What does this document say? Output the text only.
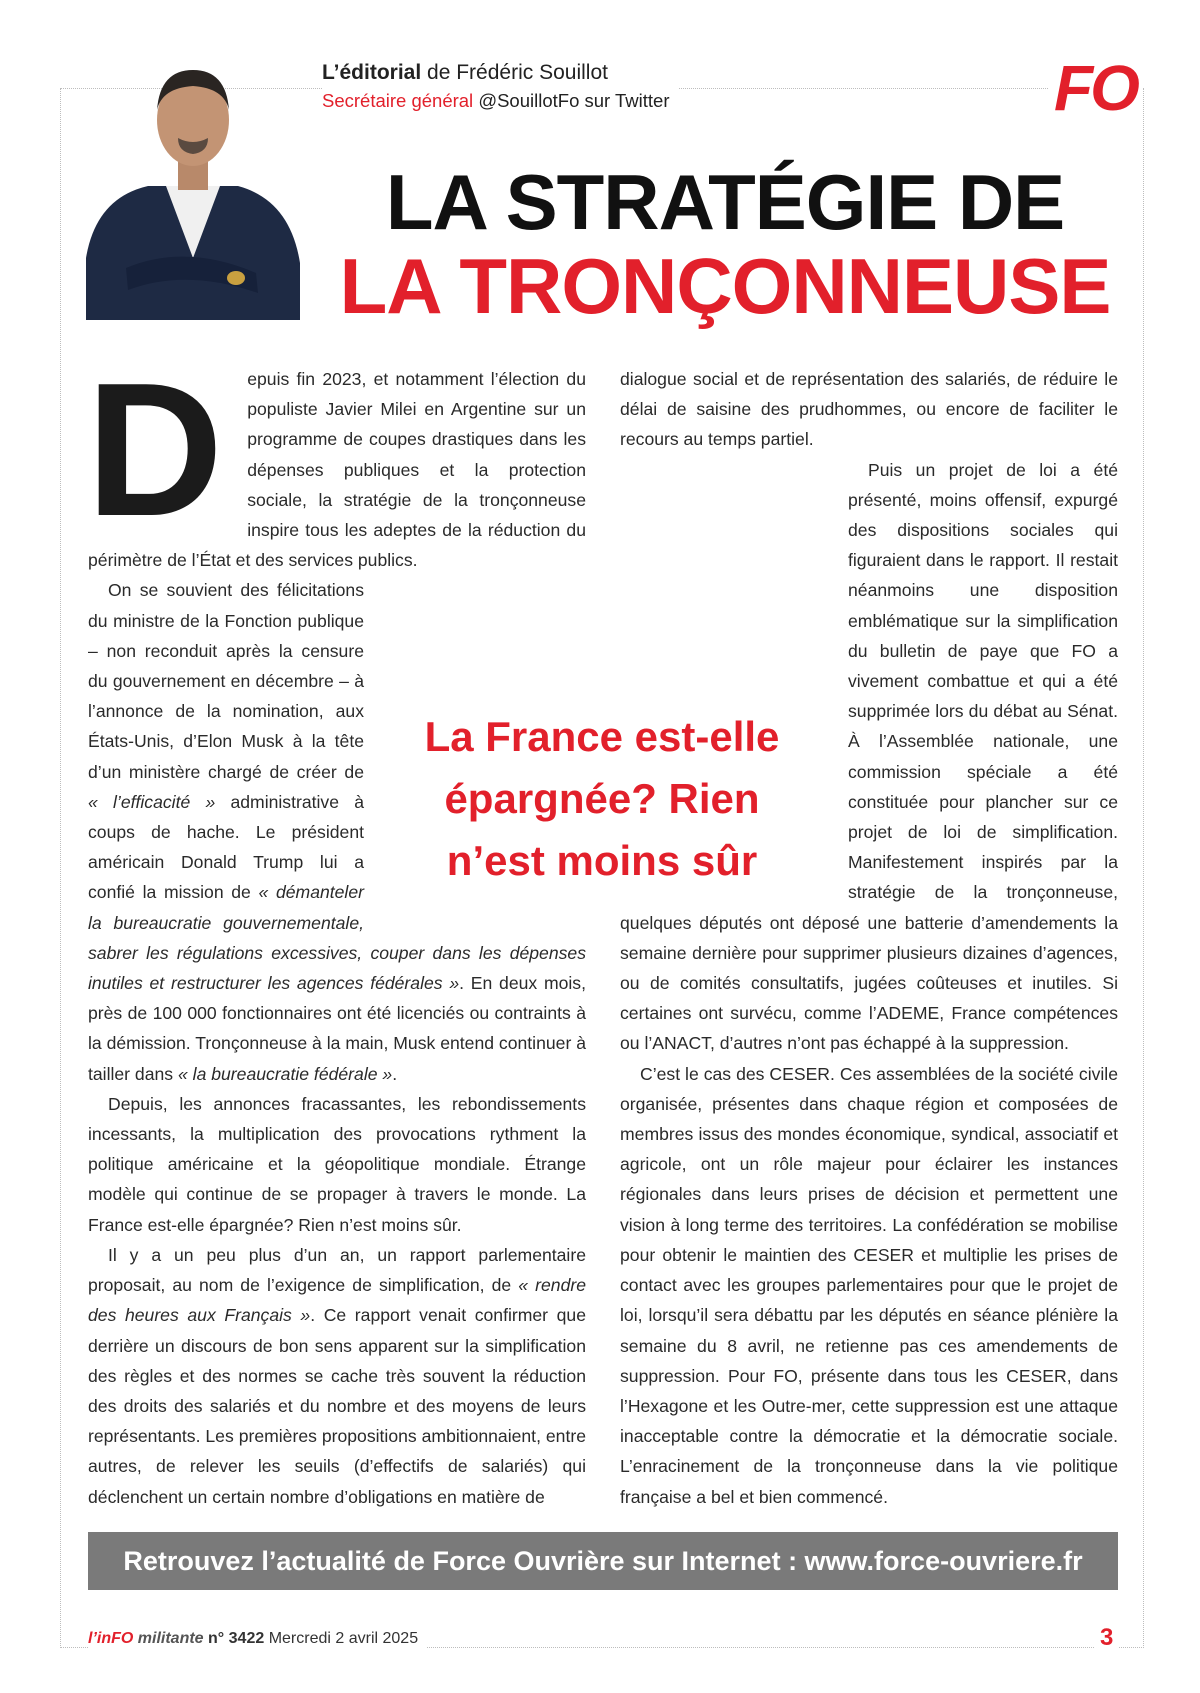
L’éditorial de Frédéric Souillot
Secrétaire général @SouillotFo sur Twitter	FO
LA STRATÉGIE DE
LA TRONÇONNEUSE

D epuis fin 2023, et notamment l’élection du populiste Javier Milei en Argentine sur un programme de coupes drastiques dans les dépenses publiques et la protection sociale, la stratégie de la tronçonneuse inspire tous les adeptes de la réduction du périmètre de l’État et des services publics.

On se souvient des félicitations du ministre de la Fonction publique – non reconduit après la censure du gouvernement en décembre – à l’annonce de la nomination, aux États-Unis, d’Elon Musk à la tête d’un ministère chargé de créer de « l’efficacité » administrative à coups de hache. Le président américain Donald Trump lui a confié la mission de « démanteler la bureaucratie gouvernementale, sabrer les régulations excessives, couper dans les dépenses inutiles et restructurer les agences fédérales ». En deux mois, près de 100 000 fonctionnaires ont été licenciés ou contraints à la démission. Tronçonneuse à la main, Musk entend continuer à tailler dans « la bureaucratie fédérale ».

Depuis, les annonces fracassantes, les rebondissements incessants, la multiplication des provocations rythment la politique américaine et la géopolitique mondiale. Étrange modèle qui continue de se propager à travers le monde. La France est-elle épargnée? Rien n’est moins sûr.

Il y a un peu plus d’un an, un rapport parlementaire proposait, au nom de l’exigence de simplification, de « rendre des heures aux Français ». Ce rapport venait confirmer que derrière un discours de bon sens apparent sur la simplification des règles et des normes se cache très souvent la réduction des droits des salariés et du nombre et des moyens de leurs représentants. Les premières propositions ambitionnaient, entre autres, de relever les seuils (d’effectifs de salariés) qui déclenchent un certain nombre d’obligations en matière de

dialogue social et de représentation des salariés, de réduire le délai de saisine des prudhommes, ou encore de faciliter le recours au temps partiel.

Puis un projet de loi a été présenté, moins offensif, expurgé des dispositions sociales qui figuraient dans le rapport. Il restait néanmoins une disposition emblématique sur la simplification du bulletin de paye que FO a vivement combattue et qui a été supprimée lors du débat au Sénat. À l’Assemblée nationale, une commission spéciale a été constituée pour plancher sur ce projet de loi de simplification. Manifestement inspirés par la stratégie de la tronçonneuse, quelques députés ont déposé une batterie d’amendements la semaine dernière pour supprimer plusieurs dizaines d’agences, ou de comités consultatifs, jugées coûteuses et inutiles. Si certaines ont survécu, comme l’ADEME, France compétences ou l’ANACT, d’autres n’ont pas échappé à la suppression.

C’est le cas des CESER. Ces assemblées de la société civile organisée, présentes dans chaque région et composées de membres issus des mondes économique, syndical, associatif et agricole, ont un rôle majeur pour éclairer les instances régionales dans leurs prises de décision et permettent une vision à long terme des territoires. La confédération se mobilise pour obtenir le maintien des CESER et multiplie les prises de contact avec les groupes parlementaires pour que le projet de loi, lorsqu’il sera débattu par les députés en séance plénière la semaine du 8 avril, ne retienne pas ces amendements de suppression. Pour FO, présente dans tous les CESER, dans l’Hexagone et les Outre-mer, cette suppression est une attaque inacceptable contre la démocratie et la démocratie sociale. L’enracinement de la tronçonneuse dans la vie politique française a bel et bien commencé.

La France est-elle épargnée? Rien n’est moins sûr
Retrouvez l’actualité de Force Ouvrière sur Internet : www.force-ouvriere.fr
l’inFO militante n° 3422 Mercredi 2 avril 2025	3
